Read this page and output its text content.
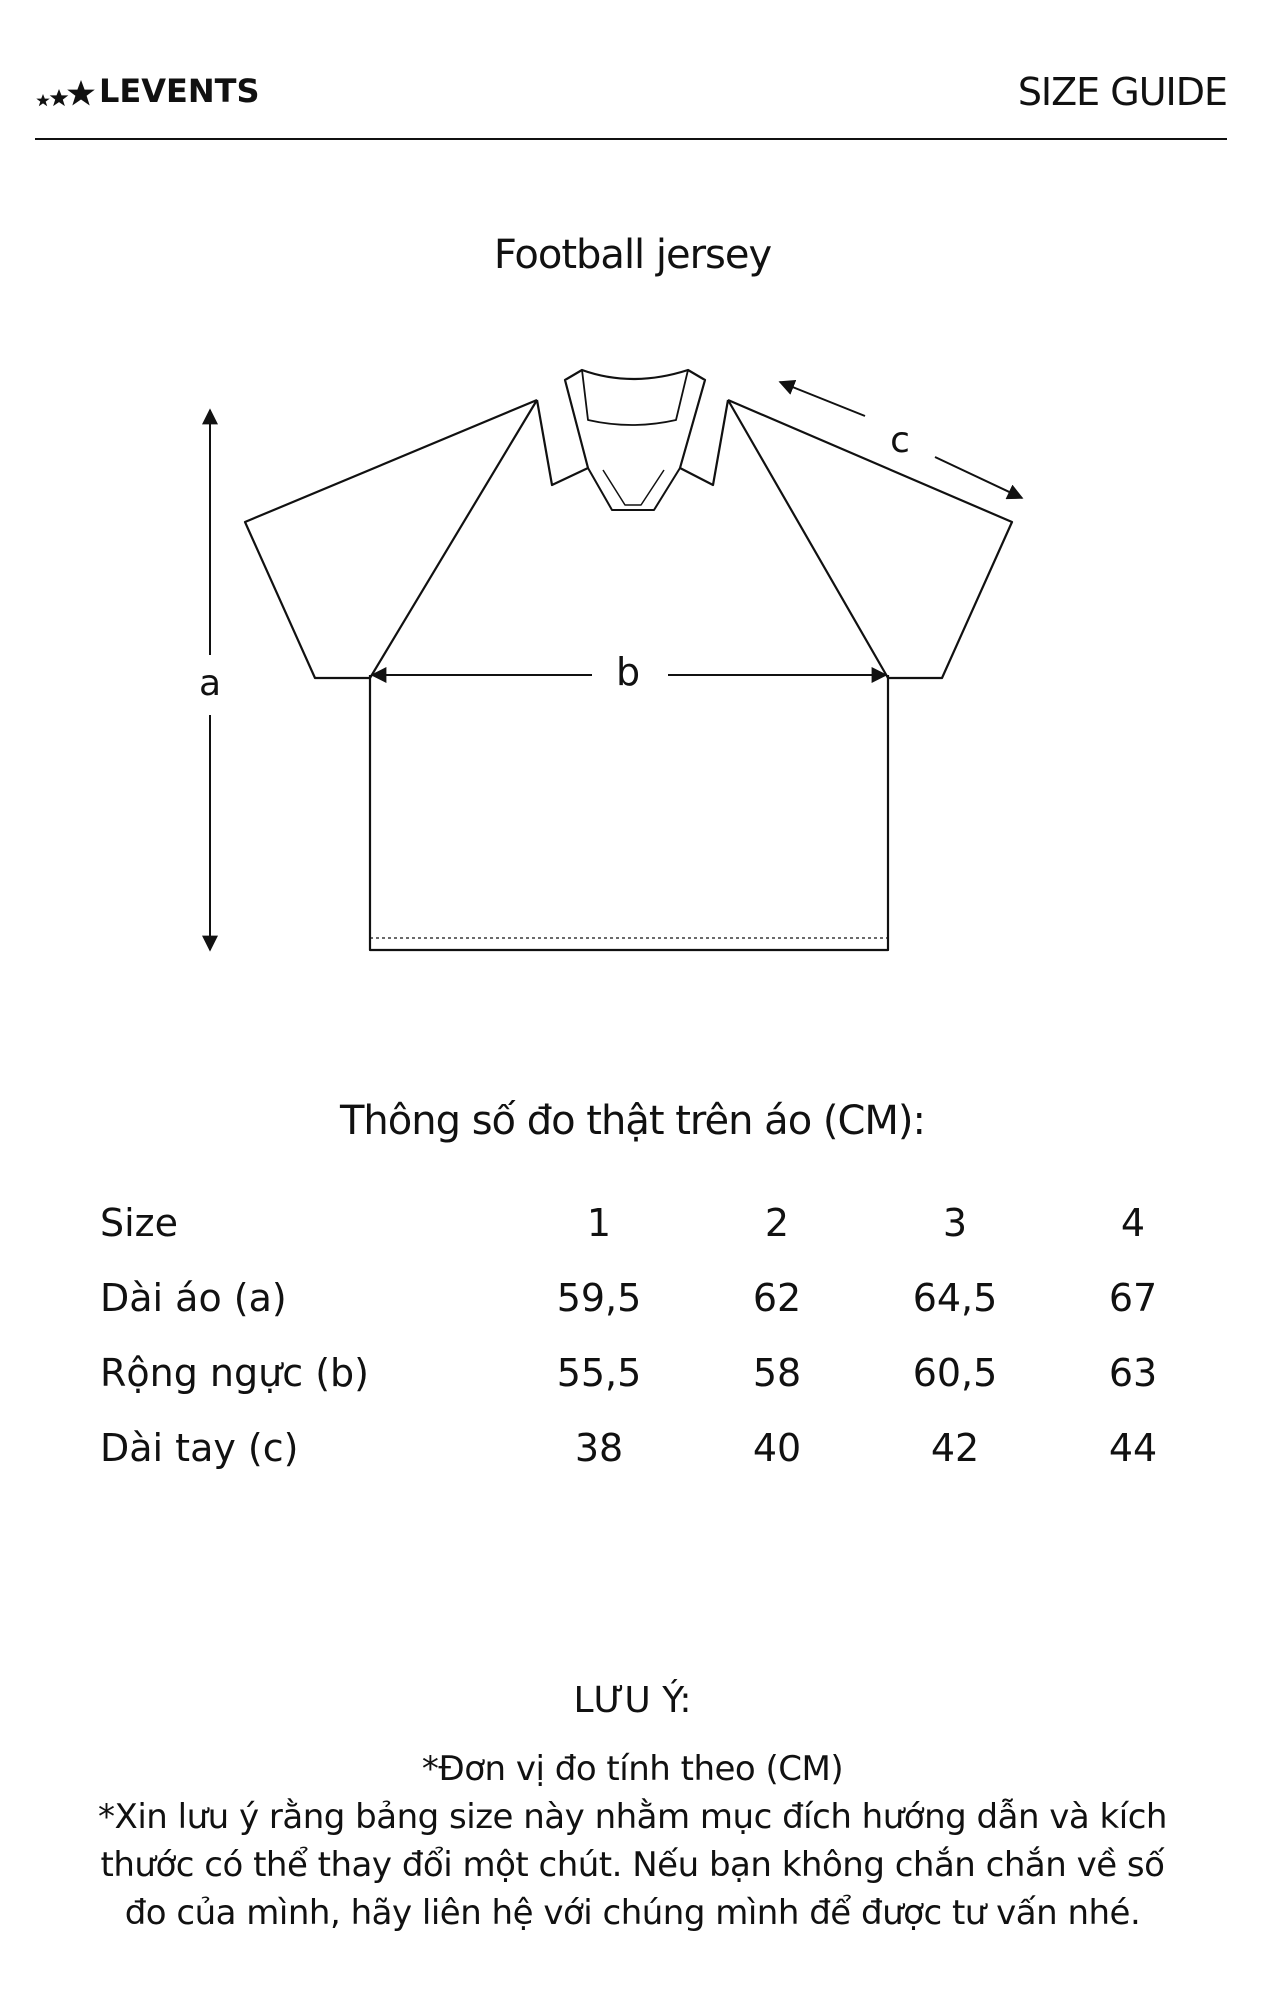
LEVENTS	SIZE GUIDE
Football jersey
a	b
c
Thông số đo thật trên áo (CM):
Size	1	2	3	4
Dài áo (a)	59,5	62	64,5	67
Rộng ngực (b)	55,5	58	60,5	63
Dài tay (c)	38	40	42	44
LƯU Ý:

*Đơn vị đo tính theo (CM)

*Xin lưu ý rằng bảng size này nhằm mục đích hướng dẫn và kích thước có thể thay đổi một chút. Nếu bạn không chắn chắn về số đo của mình, hãy liên hệ với chúng mình để được tư vấn nhé.
